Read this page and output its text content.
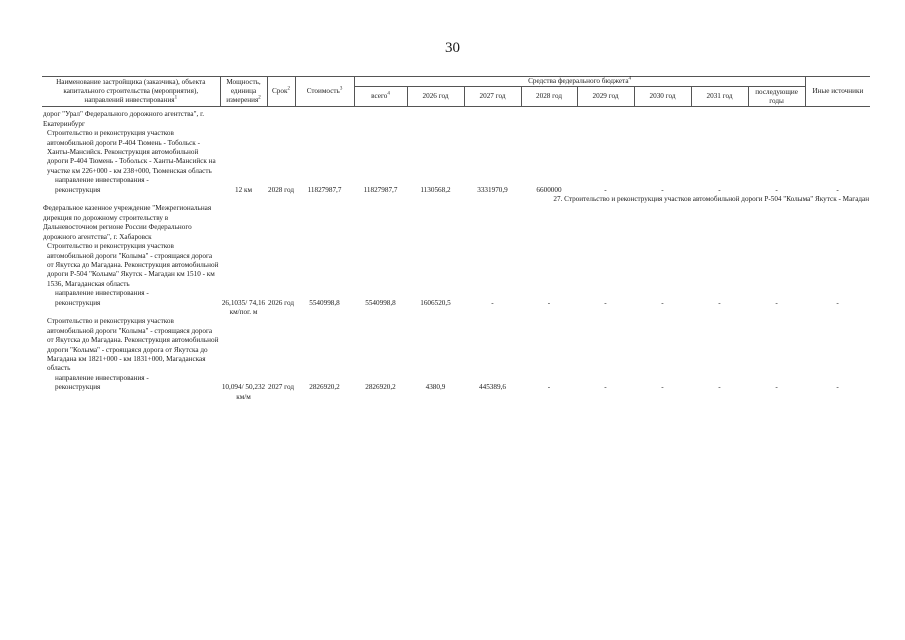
30
Наименование застройщика (заказчика), объекта капитального строительства (мероприятия), направлений инвестирования$^1$	Мощность, единица измерения$^2$	Срок$^2$	Стоимость$^3$	Средства федерального бюджета$^4$								Иные источники
				всего$^4$	2026 год	2027 год	2028 год	2029 год	2030 год	2031 год	последующие годы	

дорог "Урал" Федерального дорожного агентства", г. Екатеринбург												
Строительство и реконструкция участков автомобильной дороги Р-404 Тюмень - Тобольск - Ханты-Мансийск. Реконструкция автомобильной дороги Р-404 Тюмень - Тобольск - Ханты-Мансийск на участке км 226+000 - км 238+000, Тюменская область												
направление инвестирования -												
реконструкция	12 км	2028 год	11827987,7	11827987,7	1130568,2	3331970,9	6600000	-	-	-	-	-
27. Строительство и реконструкция участков автомобильной дороги Р-504 "Колыма" Якутск - Магадан												
Федеральное казенное учреждение "Межрегиональная дирекция по дорожному строительству в Дальневосточном регионе России Федерального дорожного агентства", г. Хабаровск												
Строительство и реконструкция участков автомобильной дороги "Колыма" - строящаяся дорога от Якутска до Магадана. Реконструкция автомобильной дороги Р-504 "Колыма" Якутск - Магадан км 1510 - км 1536, Магаданская область												
направление инвестирования -												
реконструкция	26,1035/ 74,16 км/пог. м	2026 год	5540998,8	5540998,8	1606520,5	-	-	-	-	-	-	-
Строительство и реконструкция участков автомобильной дороги "Колыма" - строящаяся дорога от Якутска до Магадана. Реконструкция автомобильной дороги "Колыма" - строящаяся дорога от Якутска до Магадана км 1821+000 - км 1831+000, Магаданская область												
направление инвестирования -												
реконструкция	10,094/ 50,232 км/м	2027 год	2826920,2	2826920,2	4380,9	445389,6	-	-	-	-	-	-
